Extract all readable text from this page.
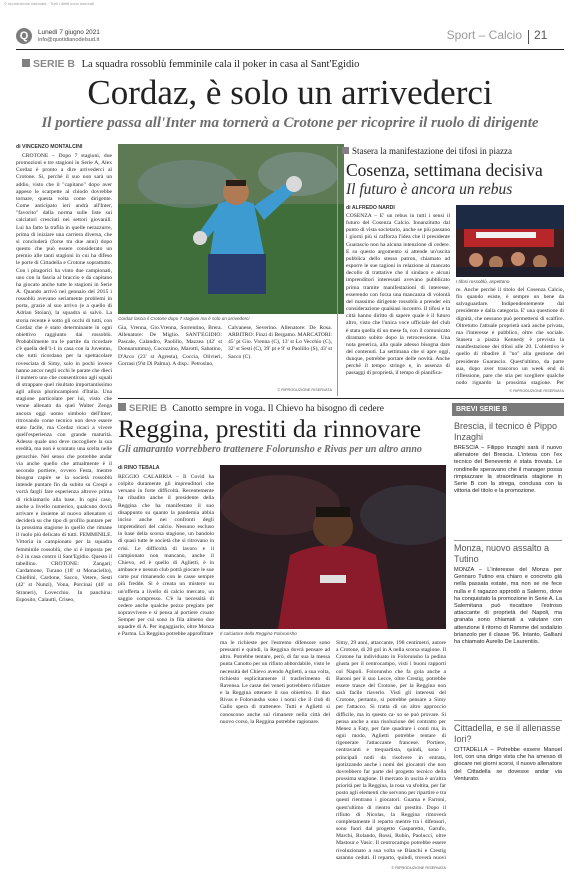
© riproduzione riservata · Tutti i diritti sono riservati
Q	Lunedì 7 giugno 2021
info@quotidianodelsud.it	Sport – Calcio 21
SERIE B La squadra rossoblù femminile cala il poker in casa al Sant'Egidio
Cordaz, è solo un arrivederci
Il portiere passa all'Inter ma tornerà a Crotone per ricoprire il ruolo di dirigente
di VINCENZO MONTALCINI
CROTONE – Dopo 7 stagioni, due promozioni e tre stagioni in Serie A, Alex Cordaz è pronto a dire arrivederci al Crotone. Sì, perché il suo non sarà un addio, visto che il "capitano" dopo aver appeso le scarpette al chiodo dovrebbe tornare, questa volta come dirigente. Come anticipato ieri andrà all'Inter, "favorito" dalla norma sulle liste sui calciatori cresciuti nei settori giovanili. Lui ha fatto la trafila in quelle nerazzurre, prima di iniziare una carriera diversa, che si concluderà (forse tra due anni) dopo questo che può essere considerato un premio alle tanti stagioni in cui ha difeso le porte di Cittadella e Crotone soprattutto. Con i pitagorici ha vinto due campionati, uno con la fascia al braccio e da capitano ha giocato anche tutte le stagioni in Serie A. Quando arrivò nel gennaio del 2015 i rossoblù avevano seriamente problemi in porta, grazie al suo arrivo (e a quello di Adrian Stoian), la squadra si salvò. La storia recente è sotto gli occhi di tutti, con Cordaz che è stato determinante in ogni obiettivo raggiunto dai rossoblù. Probabilmente tra le partite da ricordare c'è quella dell'1-1 in casa con la Juventus, che tutti ricordano per la spettacolare rovesciata di Simy, solo in pochi invece hanno ancor negli occhi le parate che dieci il numero uno che consentirono agli squali di strappare quel risultato importantissimo agli allora plurincampioni d'Italia. Una stagione particolare per lui, visto che venne allenato da quel Walter Zenga ancora oggi uomo simbolo dell'Inter, ritrovando come tecnico non deve essere stato facile, ma Cordaz ricaci a vivere quell'esperienza con grande maturità. Adesso quale uno deve raccogliere la sua eredità, ma non è scontato una scelta nelle gerarchie. Nel senso che potrebbe andar via anche quello che attualmente è il secondo portiere, ovvero Festa, mentre bisogna capire se la società rossoblù intende puntare fin da subito su Crespi e vorrà fargli fare esperienza altrove prima di richiamarlo alla base. In ogni caso, anche a livello numerico, qualcuno dovrà arrivare e insieme al nuovo allenatore si deciderà su che tipo di profilo puntare per la prossima stagione in quello che rimane il ruolo più delicato di tutti. FEMMINILE. Vittoria in campionato per la squadra femminile rossoblù, che si è imposta per 4-2 in casa contro il Sant'Egidio. Questo il tabellino. CROTONE: Zangari; Cardamone, Turano (18' st Monaciello), Chiellini, Cardone, Sacco, Vetere, Sesti (42' st Nunzi), Vona, Porcinai (46' st Straneri), Lovecchio. In panchina: Esposito, Calautti, Criseo,
Cordaz lascia il Crotone dopo 7 stagioni ma è solo un arrivederci
Gia, Vrenna, Gio.Vrenna, Sorrentino, Brera. Allenatore: De Miglio. SANT'EGIDIO: Pascale, Calandro, Paolillo, Mazzea (42' st Donnarumma), Cocozzino, Marotti, Sabatino, D'Arco (23' st Agresta), Coccia, Olivieri, Gorrasi (9'st Di Palma). A disp.: Petrosino,
Calvanese, Severino. Allenatore: De Rosa. ARBITRO: Finzi di Bergamo. MARCATORI: 45' pt Gio. Vrenna (C), 13' st Lo Vecchio (C), 32' st Sesti (C), 39' pt e 9' st Paolillo (S), 43' st Sacco (C).
© RIPRODUZIONE RISERVATA
Stasera la manifestazione dei tifosi in piazza
Cosenza, settimana decisiva
Il futuro è ancora un rebus
di ALFREDO NARDI
COSENZA – E' un rebus in tutti i sensi il futuro del Cosenza Calcio. Innanzitutto dal punto di vista societario, anche se più passano i giorni più si rafforza l'idea che il presidente Guarascio non ha alcuna intenzione di cedere. E su questo argomento si attende un'uscita pubblica dello stesso patron, chiamato ad esporre le sue ragioni in relazione al mancato decollo di trattative che il sindaco e alcuni imprenditori interessati avevano pubblicato prima tramite manifestazioni di interesse, esserendo con forza una mancanza di volontà del massimo dirigente rossoblù a prender ein considerazione qualsiasi incontro. Il tifosi e la città hanno diritto di sapere quale è il futuro altro, visto che l'unica voce ufficiale del club è stata quella di un mese fa, con il comunicato diramato subito dopo la retrocessione. Una nota generica, alla quale adesso bisogna dare del contenuti. La settimana che si apre oggi, dunque, potrebbe portare delle novità. Anche perché il tempo stringe e, in assenza di passaggi di proprietà, il tempo di pianifica-
I tifosi rossoblù, aspettano
re. Anche perché il titolo del Cosenza Calcio, fin quando esiste, è sempre un bene da salvaguardare. Indipendentemente dal presidente e dalla categoria. E' una questione di dignità, che nessuno può permettersi di scalfire. Oltretutto l'attuale proprietà sarà anche privata, ma l'interesse è pubblico, oltre che sociale. Stasera a piazza Kennedy è prevista la manifestazione dei tifosi alle 20. L'obiettivo è quello di ribadire il "no" alla gestione del presidente Guarascio. Quest'ultimo, da parte sua, dopo aver trascorso un week end di riflessione, pare che stia per scegliere qualche nodo riguardo la prossima stagione. Per
© RIPRODUZIONE RISERVATA
SERIE B Canotto sempre in voga. Il Chievo ha bisogno di cedere
Reggina, prestiti da rinnovare
Gli amaranto vorrebbero trattenere Folorunsho e Rivas per un altro anno
di RINO TEBALA
REGGIO CALABRIA – Il Covid ha colpito duramente gli imprenditori che versano in forte difficoltà. Recentemente ha ribadito anche il presidente della Reggina che ha manifestato il suo disappunto su quanto la pandemia abbia inciso anche nei confronti degli imprenditori del calcio. Nessuno escluso in base della scorsa stagione, un bandolo di quasi tutte le società che si ritrovano in crisi. Le difficoltà di lavoro e il campionato non mancano, anche il Chievo, ed è quello di Aglietti, è in ambasce e nessun club potrà giocare le sue carte pur rimanendo con le casse sempre più fredde. Si è creata un mistero su un'offerta a livello di calcio mercato, un saggio compresso. C'è la necessità di cedere anche qualche pezzo pregiato per sopravvivere e si pensa al portiere croato Semper per cui sono in fila almeno due squadre di A. Per ingaggiarlo, oltre Monza e Parma. La Reggina potrebbe approfittare Il calciatore della Reggina Folorunsho
ma le richieste per l'estremo difensore sono pressanti e quindi, la Reggina dovrà pensare ad altro. Potrebbe tentare, però, di far sua la messa punta Canotto per un rifiuto abbordabile, visto le necessità del Chievo avendo Aglietti, a sua volta, richiesto esplicitamente il trasferimento di Ravensa. Le casse dei veneti potrebbero rifiatare e la Reggina ottenere il suo obiettivo. Il duo Rivas e Folorunsho sono i nomi che il club di Gallo spera di trattenere. Tutti e Aglietti si conoscono anche sul rimanere nella città del nuovo corso, la Reggina potrebbe ragionare.
Simy, 29 anni, attaccante, 198 centimetri, autore a Crotone, di 20 gol in A nella scorsa stagione. Il Crotone ha individuato in Folorunsho la pedina giusta per il centrocampo, visti i buoni rapporti col Napoli. Folorunsho che fa gola anche a Baroni per il suo Lecce, oltre Crestig, potrebbe essere trasce del Crotone, per la Reggina non sarà facile riaverlo. Visti gli interessi del Crotone, pertanto, si potrebbe pensare a Simy per l'attacco. Si tratta di un altro approccio difficile, ma in questo ca- so se può provare. Si pensa anche a una risoluzione del contratto per Menez a Faty, per fare quadrare i conti ma, in ogni modo, Aglietti potrebbe tentare di rigenerare l'attaccante francese. Portiere, centravanti e trequartista, quindi, sono i principali nodi da risolvere in entrata, ipotizzando anche i nomi dei giocatori che non dovrebbero far parte del progetto tecnico della prossima stagione. Il mercato in uscita è un'altra priorità per la Reggina, la rosa va sfoltita, per far posto agli elementi che servono per ripartire e tra questi rientrano i giocatori. Guarna e Farroni, quest'ultimo di rientro dal prestito. Dopo il rifiuto di Nicolas, la Reggina rimoverà completamente il reparto mentre tra i difensori, sono fuori dal progetto Gasparetto, Garufo, Marchi, Rolando, Rossi, Rubin, Paolucci, oltre Mastour e Vasic. Il centrocampo potrebbe essere rivoluzionato a sua volta se Bianchi e Crestig saranno ceduti. Il reparto, quindi, troverà nuovi
BREVI SERIE B
Brescia, il tecnico è Pippo Inzaghi
BRESCIA – Filippo Inzaghi sarà il nuovo allenatore del Brescia. L'intesa con l'ex tecnico del Benevento è stata trovata. Le rondinelle speravano che il manager possa rimpiazzare la straordinaria stagione in Serie B con la strega, conclusa con la vittoria del titolo e la promozione.
Monza, nuovo assalto a Tutino
MONZA – L'interesse del Monza per Gennaro Tutino era chiaro e concreto già nella passata estate, ma non se ne fece nulla e il ragazzo approdò a Salerno, dove ha conquistato la promozione in Serie A. La Salernitana può riscattare l'estroso attaccante di proprietà del Napoli, ma granata sono chiamati a valutare con attenzione il ritorno di Ramme del sodalizio brianzolo per il classe '96. Intanto, Galliani ha chiamato Aurelio De Laurentiis.
Cittadella, e se il allenasse Iori?
CITTADELLA – Potrebbe essere Manuel Iori, con una dirigo vista che ha smesso di giocare nei giorni scorsi, il nuovo allenatore del Cittadella se dovesse andar via Venturato.
© RIPRODUZIONE RISERVATA
